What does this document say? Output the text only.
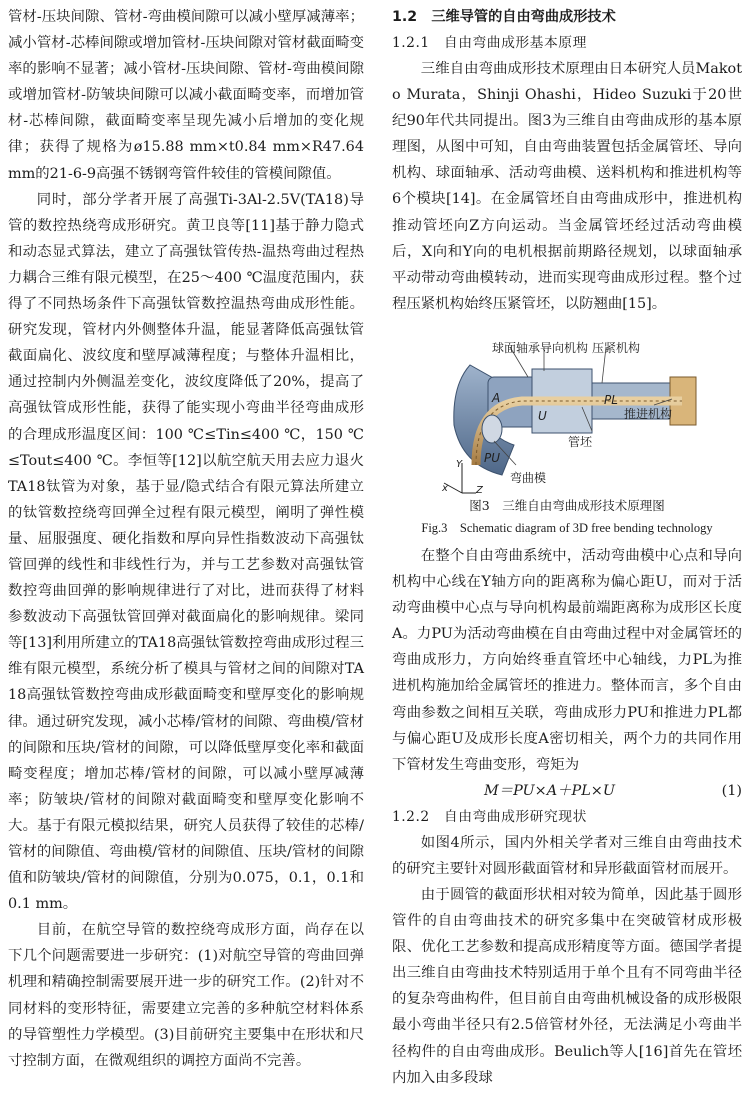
管材-压块间隙、管材-弯曲模间隙可以减小壁厚减薄率；减小管材-芯棒间隙或增加管材-压块间隙对管材截面畸变率的影响不显著；减小管材-压块间隙、管材-弯曲模间隙或增加管材-防皱块间隙可以减小截面畸变率，而增加管材-芯棒间隙，截面畸变率呈现先减小后增加的变化规律；获得了规格为ø15.88 mm×t0.84 mm×R47.64 mm的21-6-9高强不锈钢弯管件较佳的管模间隙值。

同时，部分学者开展了高强Ti-3Al-2.5V(TA18)导管的数控热绕弯成形研究。黄卫良等[11]基于静力隐式和动态显式算法，建立了高强钛管传热-温热弯曲过程热力耦合三维有限元模型，在25～400 ℃温度范围内，获得了不同热场条件下高强钛管数控温热弯曲成形性能。研究发现，管材内外侧整体升温，能显著降低高强钛管截面扁化、波纹度和壁厚减薄程度；与整体升温相比，通过控制内外侧温差变化，波纹度降低了20%，提高了高强钛管成形性能，获得了能实现小弯曲半径弯曲成形的合理成形温度区间：100 ℃≤Tin≤400 ℃，150 ℃≤Tout≤400 ℃。李恒等[12]以航空航天用去应力退火TA18钛管为对象，基于显/隐式结合有限元算法所建立的钛管数控绕弯回弹全过程有限元模型，阐明了弹性模量、屈服强度、硬化指数和厚向异性指数波动下高强钛管回弹的线性和非线性行为，并与工艺参数对高强钛管数控弯曲回弹的影响规律进行了对比，进而获得了材料参数波动下高强钛管回弹对截面扁化的影响规律。梁同等[13]利用所建立的TA18高强钛管数控弯曲成形过程三维有限元模型，系统分析了模具与管材之间的间隙对TA18高强钛管数控弯曲成形截面畸变和壁厚变化的影响规律。通过研究发现，减小芯棒/管材的间隙、弯曲模/管材的间隙和压块/管材的间隙，可以降低壁厚变化率和截面畸变程度；增加芯棒/管材的间隙，可以减小壁厚减薄率；防皱块/管材的间隙对截面畸变和壁厚变化影响不大。基于有限元模拟结果，研究人员获得了较佳的芯棒/管材的间隙值、弯曲模/管材的间隙值、压块/管材的间隙值和防皱块/管材的间隙值，分别为0.075，0.1，0.1和0.1 mm。

目前，在航空导管的数控绕弯成形方面，尚存在以下几个问题需要进一步研究：(1)对航空导管的弯曲回弹机理和精确控制需要展开进一步的研究工作。(2)针对不同材料的变形特征，需要建立完善的多种航空材料体系的导管塑性力学模型。(3)目前研究主要集中在形状和尺寸控制方面，在微观组织的调控方面尚不完善。

1.2　三维导管的自由弯曲成形技术

1.2.1　自由弯曲成形基本原理

三维自由弯曲成形技术原理由日本研究人员Makoto Murata，Shinji Ohashi，Hideo Suzuki于20世纪90年代共同提出。图3为三维自由弯曲成形的基本原理图，从图中可知，自由弯曲装置包括金属管坯、导向机构、球面轴承、活动弯曲模、送料机构和推进机构等6个模块[14]。在金属管坯自由弯曲成形中，推进机构推动管坯向Z方向运动。当金属管坯经过活动弯曲模后，X向和Y向的电机根据前期路径规划，以球面轴承平动带动弯曲模转动，进而实现弯曲成形过程。整个过程压紧机构始终压紧管坯，以防翘曲[15]。

球面轴承 导向机构 压紧机构
推进机构
管坯
弯曲模
A
U
PL
PU
Y
Z
x

图3　三维自由弯曲成形技术原理图

Fig.3　Schematic diagram of 3D free bending technology

在整个自由弯曲系统中，活动弯曲模中心点和导向机构中心线在Y轴方向的距离称为偏心距U，而对于活动弯曲模中心点与导向机构最前端距离称为成形区长度A。力PU为活动弯曲模在自由弯曲过程中对金属管坯的弯曲成形力，方向始终垂直管坯中心轴线，力PL为推进机构施加给金属管坯的推进力。整体而言，多个自由弯曲参数之间相互关联，弯曲成形力PU和推进力PL都与偏心距U及成形长度A密切相关，两个力的共同作用下管材发生弯曲变形，弯矩为

M＝PU×A＋PL×U	(1)

1.2.2　自由弯曲成形研究现状

如图4所示，国内外相关学者对三维自由弯曲技术的研究主要针对圆形截面管材和异形截面管材而展开。

由于圆管的截面形状相对较为简单，因此基于圆形管件的自由弯曲技术的研究多集中在突破管材成形极限、优化工艺参数和提高成形精度等方面。德国学者提出三维自由弯曲技术特别适用于单个且有不同弯曲半径的复杂弯曲构件，但目前自由弯曲机械设备的成形极限最小弯曲半径只有2.5倍管材外径，无法满足小弯曲半径构件的自由弯曲成形。Beulich等人[16]首先在管坯内加入由多段球
